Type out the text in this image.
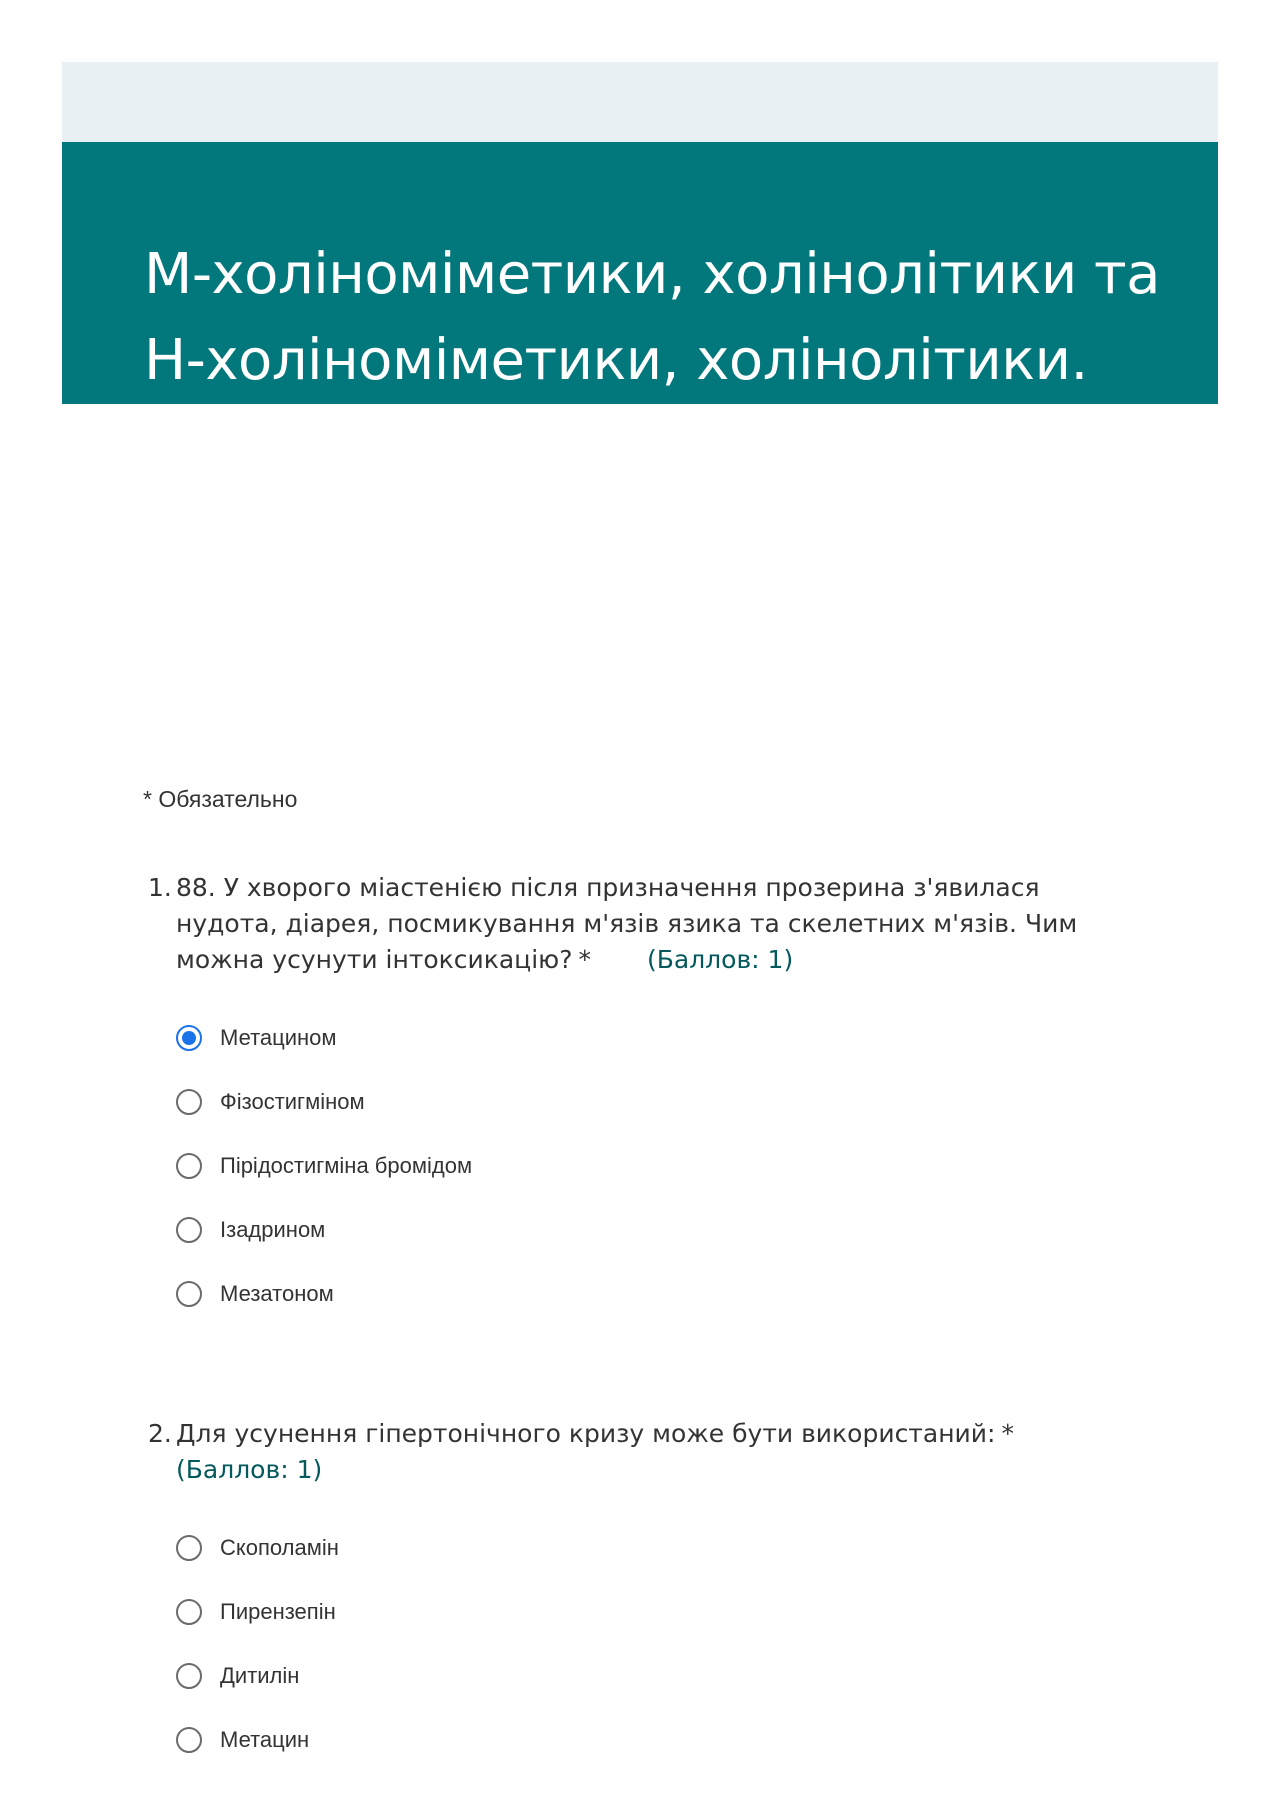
M-холіноміметики, холінолітики та
Н-холіноміметики, холінолітики.
* Обязательно
1. 88. У хворого міастенією після призначення прозерина з'явилася нудота, діарея, посмикування м'язів язика та скелетних м'язів. Чим можна усунути інтоксикацію? * (Баллов: 1)
Метацином
Фізостигміном
Пірідостигміна бромідом
Ізадрином
Мезатоном
2. Для усунення гіпертонічного кризу може бути використаний: *
(Баллов: 1)
Скополамін
Пирензепін
Дитилін
Метацин
